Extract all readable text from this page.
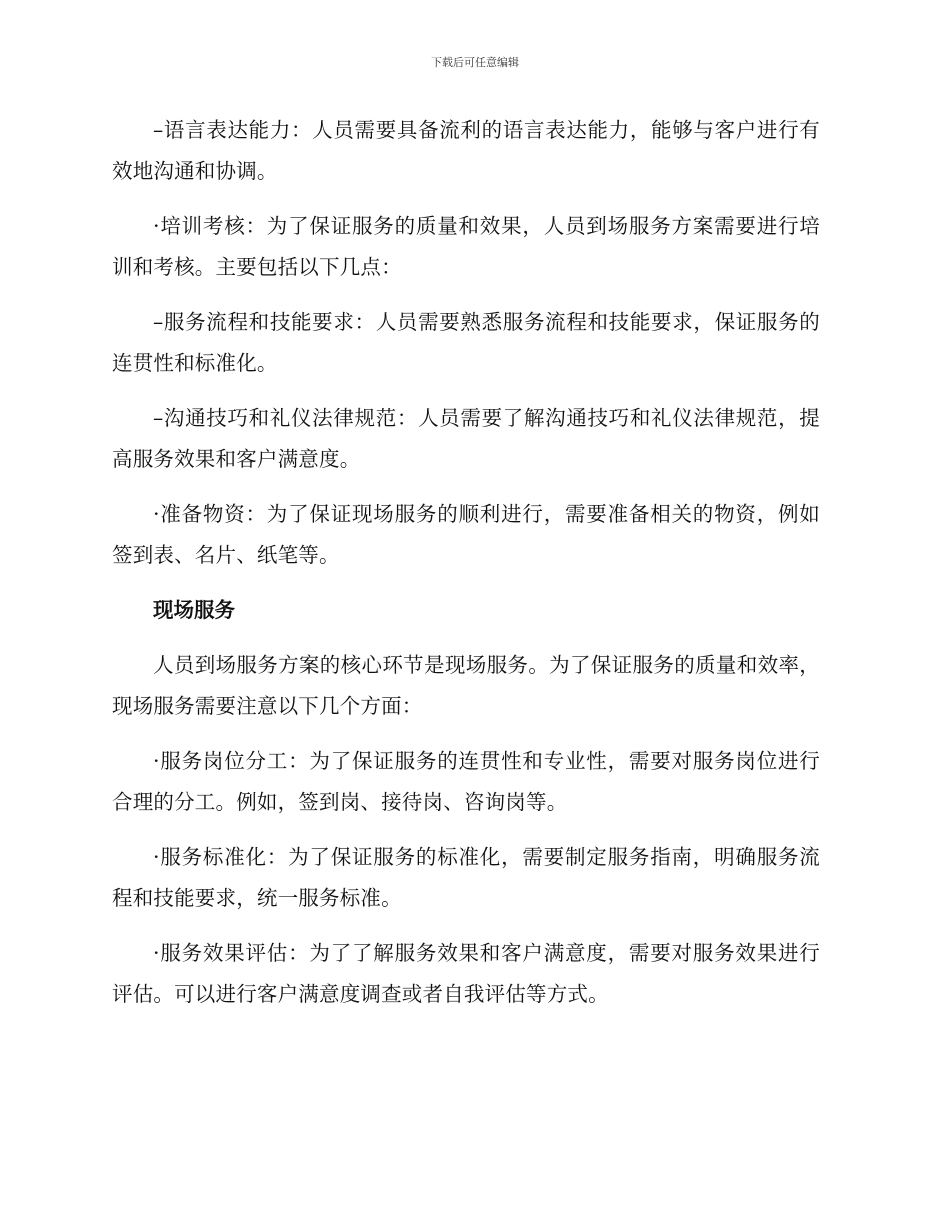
下载后可任意编辑

–语言表达能力：人员需要具备流利的语言表达能力，能够与客户进行有效地沟通和协调。

·培训考核：为了保证服务的质量和效果，人员到场服务方案需要进行培训和考核。主要包括以下几点：

–服务流程和技能要求：人员需要熟悉服务流程和技能要求，保证服务的连贯性和标准化。

–沟通技巧和礼仪法律规范：人员需要了解沟通技巧和礼仪法律规范，提高服务效果和客户满意度。

·准备物资：为了保证现场服务的顺利进行，需要准备相关的物资，例如签到表、名片、纸笔等。

现场服务

人员到场服务方案的核心环节是现场服务。为了保证服务的质量和效率，现场服务需要注意以下几个方面：

·服务岗位分工：为了保证服务的连贯性和专业性，需要对服务岗位进行合理的分工。例如，签到岗、接待岗、咨询岗等。

·服务标准化：为了保证服务的标准化，需要制定服务指南，明确服务流程和技能要求，统一服务标准。

·服务效果评估：为了了解服务效果和客户满意度，需要对服务效果进行评估。可以进行客户满意度调查或者自我评估等方式。
